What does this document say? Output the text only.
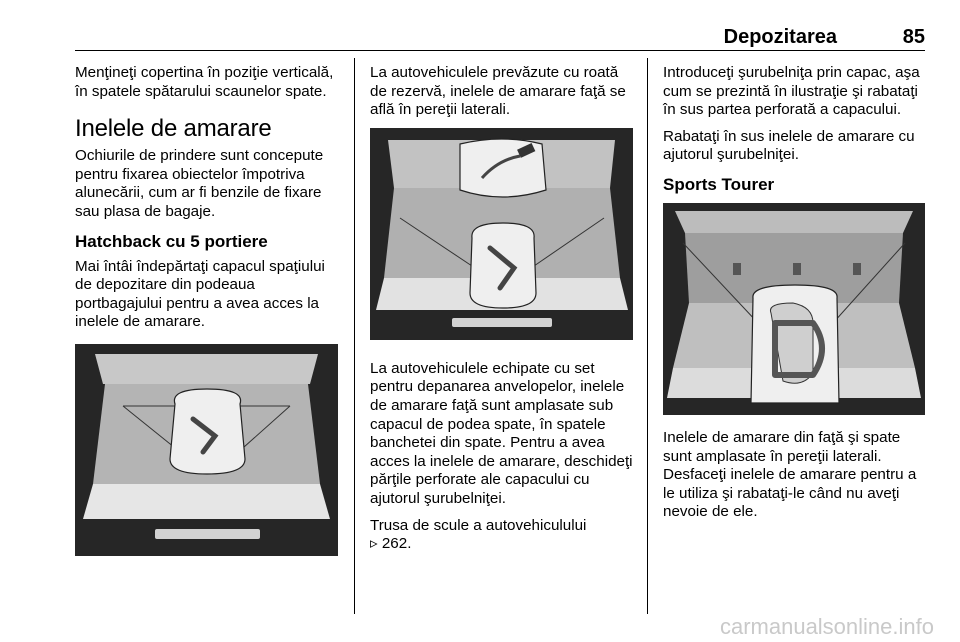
Depozitarea	85

Menţineţi copertina în poziţie verticală, în spatele spătarului scaunelor spate.

Inelele de amarare

Ochiurile de prindere sunt concepute pentru fixarea obiectelor împotriva alunecării, cum ar fi benzile de fixare sau plasa de bagaje.

Hatchback cu 5 portiere

Mai întâi îndepărtaţi capacul spaţiului de depozitare din podeaua portbagajului pentru a avea acces la inelele de amarare.

La autovehiculele prevăzute cu roată de rezervă, inelele de amarare faţă se află în pereţii laterali.

La autovehiculele echipate cu set pentru depanarea anvelopelor, inelele de amarare faţă sunt amplasate sub capacul de podea spate, în spatele banchetei din spate. Pentru a avea acces la inelele de amarare, deschideţi părţile perforate ale capacului cu ajutorul şurubelniţei.

Trusa de scule a autovehiculului
▹ 262.

Introduceţi şurubelniţa prin capac, aşa cum se prezintă în ilustraţie şi rabataţi în sus partea perforată a capacului.

Rabataţi în sus inelele de amarare cu ajutorul şurubelniţei.

Sports Tourer

Inelele de amarare din faţă şi spate sunt amplasate în pereţii laterali. Desfaceţi inelele de amarare pentru a le utiliza şi rabataţi-le când nu aveţi nevoie de ele.

carmanualsonline.info
